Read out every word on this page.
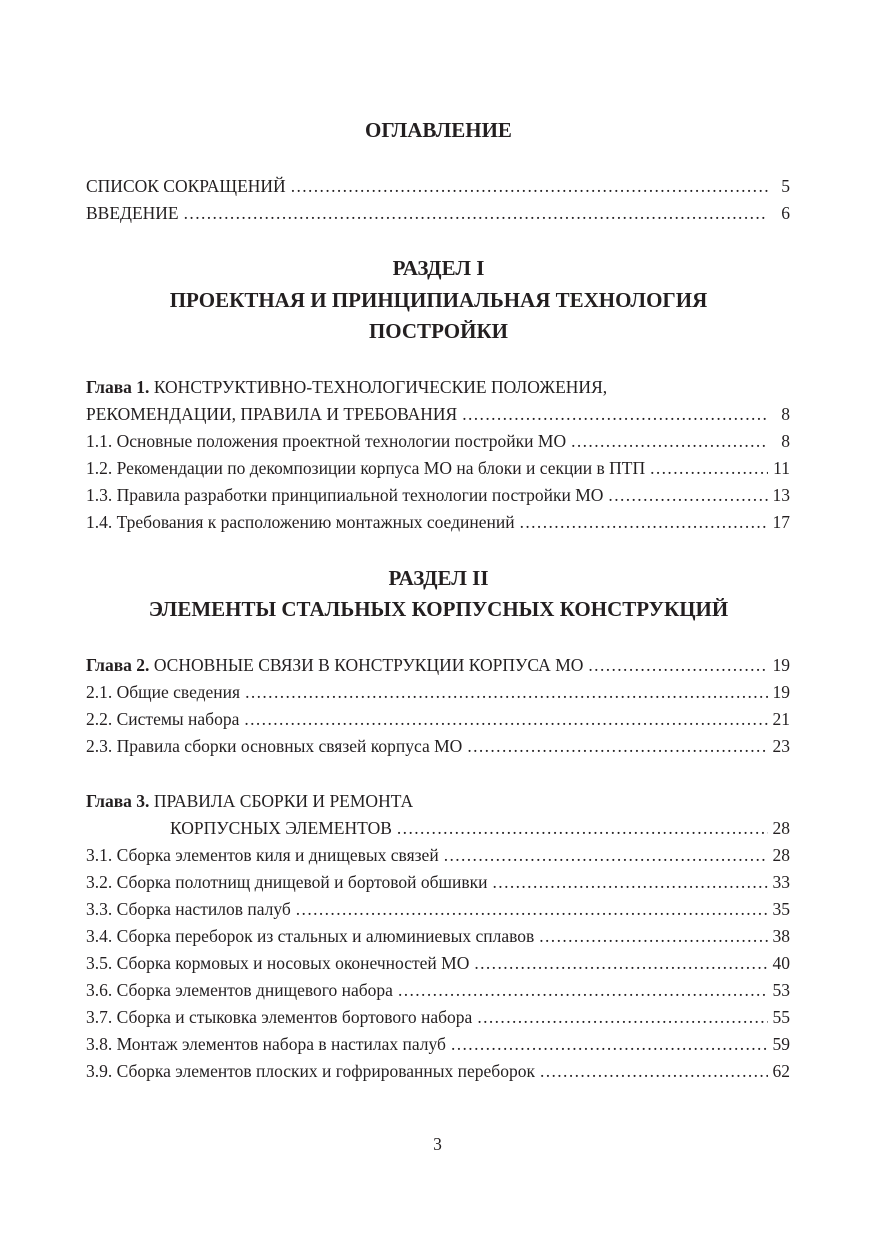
ОГЛАВЛЕНИЕ
СПИСОК СОКРАЩЕНИЙ .....	5
ВВЕДЕНИЕ .....	6
РАЗДЕЛ I
ПРОЕКТНАЯ И ПРИНЦИПИАЛЬНАЯ ТЕХНОЛОГИЯ
ПОСТРОЙКИ
Глава 1. КОНСТРУКТИВНО-ТЕХНОЛОГИЧЕСКИЕ ПОЛОЖЕНИЯ,
РЕКОМЕНДАЦИИ, ПРАВИЛА И ТРЕБОВАНИЯ .....	8
1.1. Основные положения проектной технологии постройки МО .....	8
1.2. Рекомендации по декомпозиции корпуса МО на блоки и секции в ПТП .....	11
1.3. Правила разработки принципиальной технологии постройки МО .....	13
1.4. Требования к расположению монтажных соединений .....	17
РАЗДЕЛ II
ЭЛЕМЕНТЫ СТАЛЬНЫХ КОРПУСНЫХ КОНСТРУКЦИЙ
Глава 2. ОСНОВНЫЕ СВЯЗИ В КОНСТРУКЦИИ КОРПУСА МО .....	19
2.1. Общие сведения .....	19
2.2. Системы набора .....	21
2.3. Правила сборки основных связей корпуса МО .....	23
Глава 3. ПРАВИЛА СБОРКИ И РЕМОНТА
КОРПУСНЫХ ЭЛЕМЕНТОВ .....	28
3.1. Сборка элементов киля и днищевых связей .....	28
3.2. Сборка полотнищ днищевой и бортовой обшивки .....	33
3.3. Сборка настилов палуб .....	35
3.4. Сборка переборок из стальных и алюминиевых сплавов .....	38
3.5. Сборка кормовых и носовых оконечностей МО .....	40
3.6. Сборка элементов днищевого набора .....	53
3.7. Сборка и стыковка элементов бортового набора .....	55
3.8. Монтаж элементов набора в настилах палуб .....	59
3.9. Сборка элементов плоских и гофрированных переборок .....	62
3
